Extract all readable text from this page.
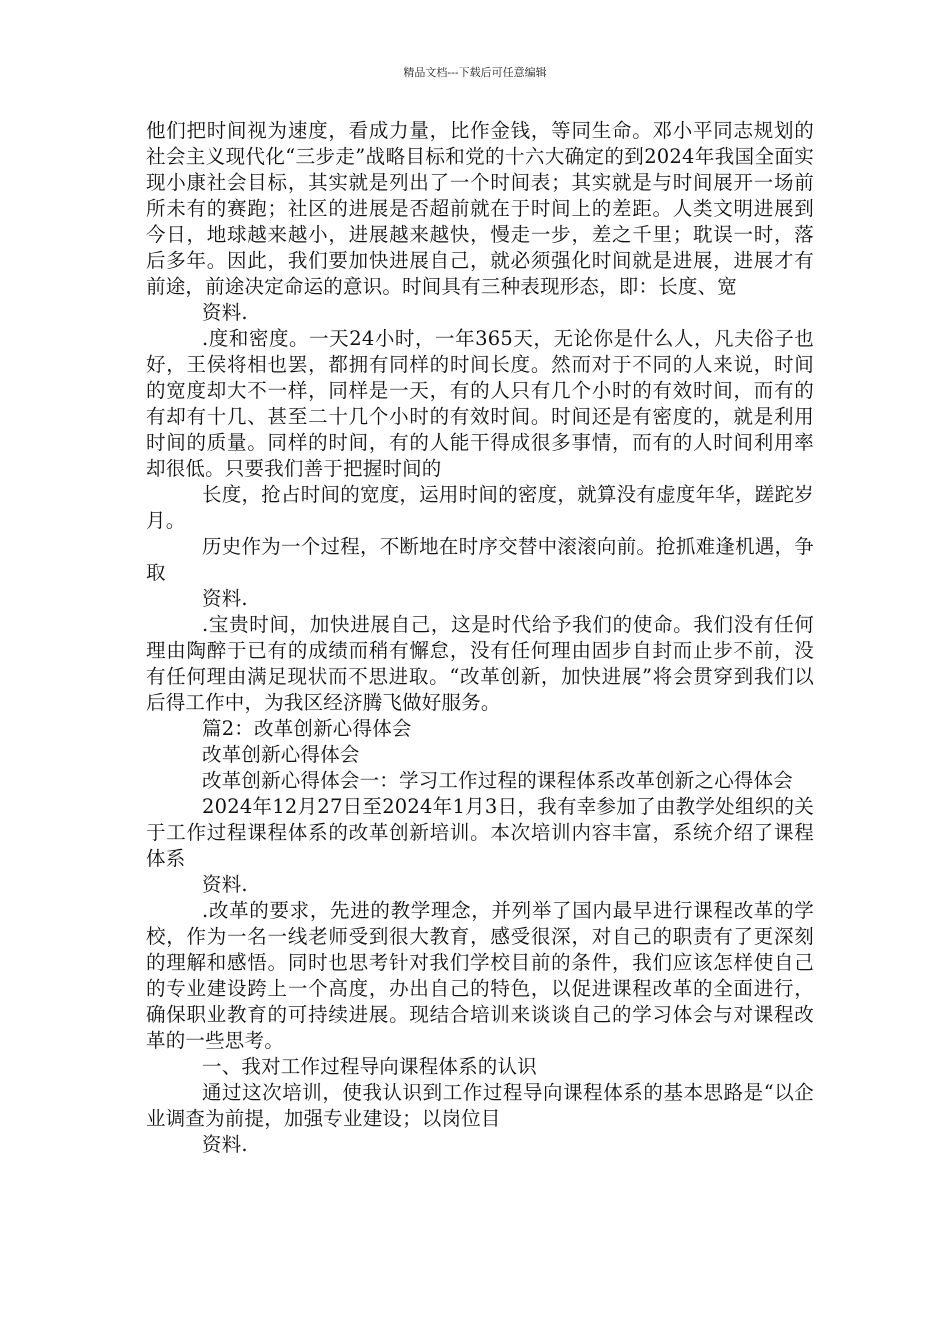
精品文档---下载后可任意编辑

他们把时间视为速度，看成力量，比作金钱，等同生命。邓小平同志规划的社会主义现代化“三步走”战略目标和党的十六大确定的到2024年我国全面实现小康社会目标，其实就是列出了一个时间表；其实就是与时间展开一场前所未有的赛跑；社区的进展是否超前就在于时间上的差距。人类文明进展到今日，地球越来越小，进展越来越快，慢走一步，差之千里；耽误一时，落后多年。因此，我们要加快进展自己，就必须强化时间就是进展，进展才有前途，前途决定命运的意识。时间具有三种表现形态，即：长度、宽

资料.

.度和密度。一天24小时，一年365天，无论你是什么人，凡夫俗子也好，王侯将相也罢，都拥有同样的时间长度。然而对于不同的人来说，时间的宽度却大不一样，同样是一天，有的人只有几个小时的有效时间，而有的有却有十几、甚至二十几个小时的有效时间。时间还是有密度的，就是利用时间的质量。同样的时间，有的人能干得成很多事情，而有的人时间利用率却很低。只要我们善于把握时间的

长度，抢占时间的宽度，运用时间的密度，就算没有虚度年华，蹉跎岁月。

历史作为一个过程，不断地在时序交替中滚滚向前。抢抓难逢机遇，争取

资料.

.宝贵时间，加快进展自己，这是时代给予我们的使命。我们没有任何理由陶醉于已有的成绩而稍有懈怠，没有任何理由固步自封而止步不前，没有任何理由满足现状而不思进取。“改革创新，加快进展”将会贯穿到我们以后得工作中，为我区经济腾飞做好服务。

篇2：改革创新心得体会

改革创新心得体会

改革创新心得体会一：学习工作过程的课程体系改革创新之心得体会

2024年12月27日至2024年1月3日，我有幸参加了由教学处组织的关于工作过程课程体系的改革创新培训。本次培训内容丰富，系统介绍了课程体系

资料.

.改革的要求，先进的教学理念，并列举了国内最早进行课程改革的学校，作为一名一线老师受到很大教育，感受很深，对自己的职责有了更深刻的理解和感悟。同时也思考针对我们学校目前的条件，我们应该怎样使自己的专业建设跨上一个高度，办出自己的特色，以促进课程改革的全面进行，确保职业教育的可持续进展。现结合培训来谈谈自己的学习体会与对课程改革的一些思考。

一、我对工作过程导向课程体系的认识

通过这次培训，使我认识到工作过程导向课程体系的基本思路是“以企业调查为前提，加强专业建设；以岗位目

资料.
